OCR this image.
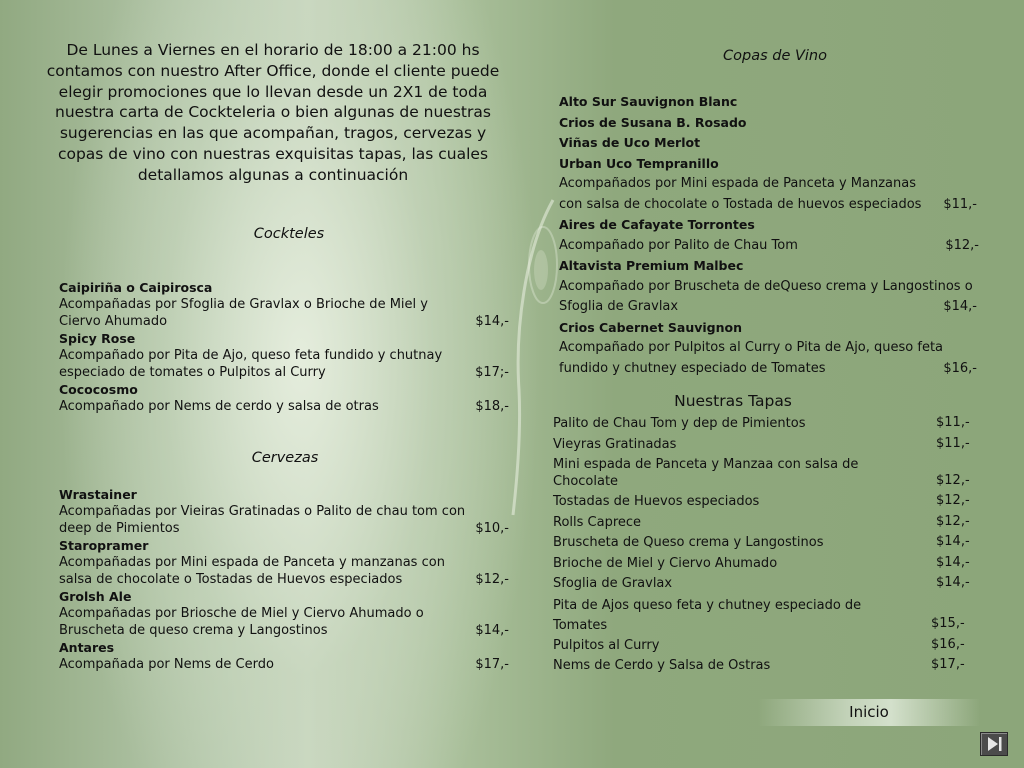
De Lunes a Viernes en el horario de 18:00 a 21:00 hs contamos con nuestro After Office, donde el cliente puede elegir promociones que lo llevan desde un 2X1 de toda nuestra carta de Cockteleria o bien algunas de nuestras sugerencias en las que acompañan, tragos, cervezas y copas de vino con nuestras exquisitas tapas, las cuales detallamos algunas a continuación
Cockteles
Caipiriña o Caipirosca
Acompañadas por Sfoglia de Gravlax o Brioche de Miel y Ciervo Ahumado	$14,-
Spicy Rose
Acompañado por Pita de Ajo, queso feta fundido y chutnay especiado de tomates o Pulpitos al Curry	$17;-
Cococosmo
Acompañado por Nems de cerdo y salsa de otras	$18,-
Cervezas
Wrastainer
Acompañadas por Vieiras Gratinadas o Palito de chau tom con deep de Pimientos	$10,-
Staropramer
Acompañadas por Mini espada de Panceta y manzanas con salsa de chocolate o Tostadas de Huevos especiados	$12,-
Grolsh Ale
Acompañadas por Briosche de Miel y Ciervo Ahumado o Bruscheta de queso crema y Langostinos	$14,-
Antares
Acompañada por Nems de Cerdo	$17,-
Copas de Vino
Alto Sur Sauvignon Blanc
Crios de Susana B. Rosado
Viñas de Uco Merlot
Urban Uco Tempranillo
Acompañados por Mini espada de Panceta y Manzanas con salsa de chocolate o Tostada de huevos especiados	$11,-
Aires de Cafayate Torrontes
Acompañado por Palito de Chau Tom	$12,-
Altavista Premium Malbec
Acompañado por Bruscheta de deQueso crema y Langostinos o Sfoglia de Gravlax	$14,-
Crios Cabernet Sauvignon
Acompañado por Pulpitos al Curry o Pita de Ajo, queso feta fundido y chutney especiado de Tomates	$16,-
Nuestras Tapas
Palito de Chau Tom y dep de Pimientos	$11,-
Vieyras Gratinadas	$11,-
Mini espada de Panceta y Manzaa con salsa de Chocolate	$12,-
Tostadas de Huevos especiados	$12,-
Rolls Caprece	$12,-
Bruscheta de Queso crema y Langostinos	$14,-
Brioche de Miel y Ciervo Ahumado	$14,-
Sfoglia de Gravlax	$14,-
Pita de Ajos queso feta y chutney especiado de Tomates	$15,-
Pulpitos al Curry	$16,-
Nems de Cerdo y Salsa de Ostras	$17,-
Inicio
